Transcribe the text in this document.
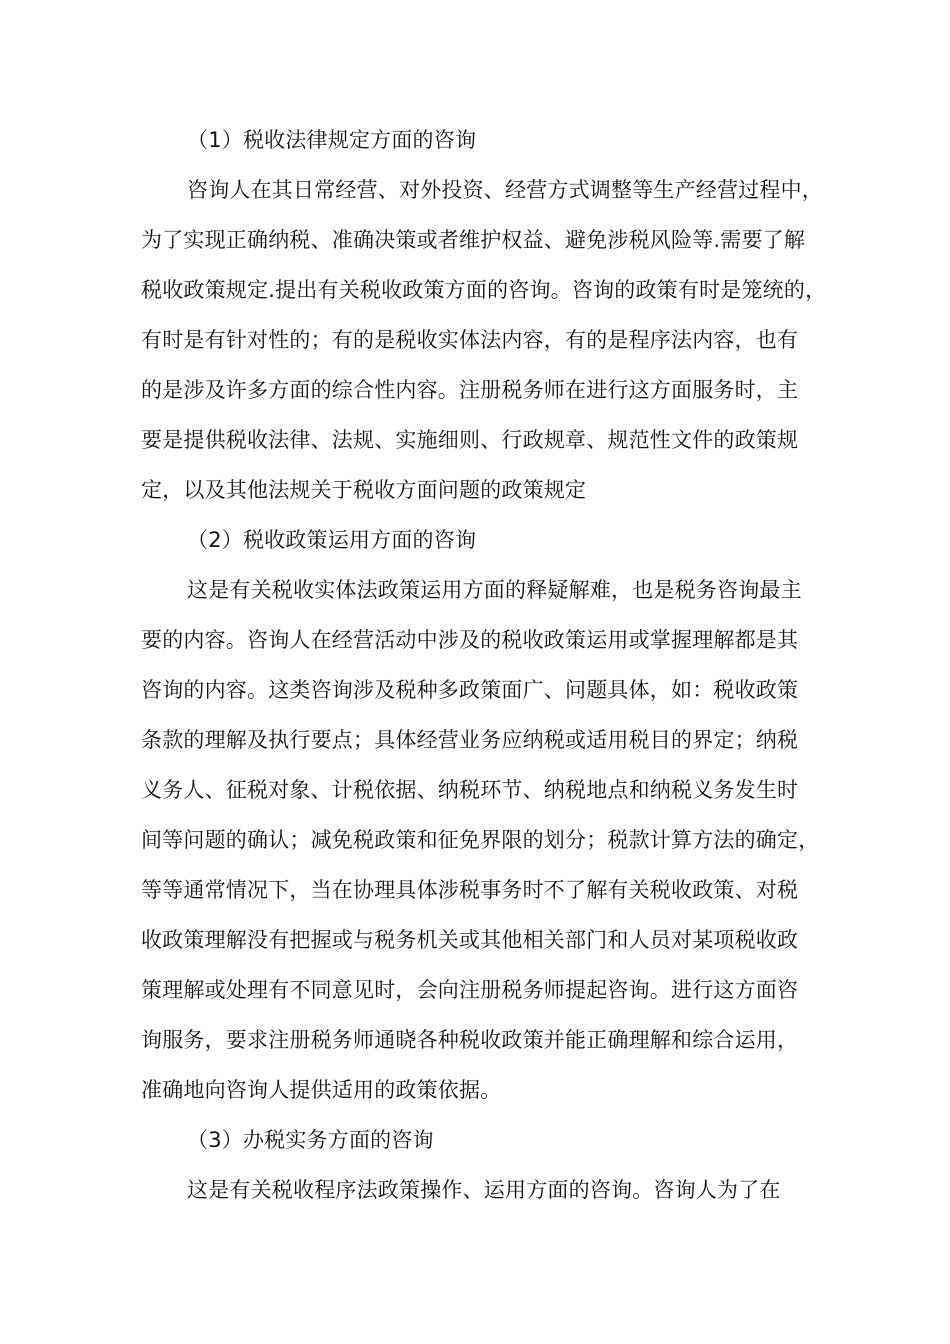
（1）税收法律规定方面的咨询
咨询人在其日常经营、对外投资、经营方式调整等生产经营过程中，
为了实现正确纳税、准确决策或者维护权益、避免涉税风险等.需要了解
税收政策规定.提出有关税收政策方面的咨询。咨询的政策有时是笼统的，
有时是有针对性的；有的是税收实体法内容，有的是程序法内容，也有
的是涉及许多方面的综合性内容。注册税务师在进行这方面服务时，主
要是提供税收法律、法规、实施细则、行政规章、规范性文件的政策规
定，以及其他法规关于税收方面问题的政策规定
（2）税收政策运用方面的咨询
这是有关税收实体法政策运用方面的释疑解难，也是税务咨询最主
要的内容。咨询人在经营活动中涉及的税收政策运用或掌握理解都是其
咨询的内容。这类咨询涉及税种多政策面广、问题具体，如：税收政策
条款的理解及执行要点；具体经营业务应纳税或适用税目的界定；纳税
义务人、征税对象、计税依据、纳税环节、纳税地点和纳税义务发生时
间等问题的确认；减免税政策和征免界限的划分；税款计算方法的确定，
等等通常情况下，当在协理具体涉税事务时不了解有关税收政策、对税
收政策理解没有把握或与税务机关或其他相关部门和人员对某项税收政
策理解或处理有不同意见时，会向注册税务师提起咨询。进行这方面咨
询服务，要求注册税务师通晓各种税收政策并能正确理解和综合运用，
准确地向咨询人提供适用的政策依据。
（3）办税实务方面的咨询
这是有关税收程序法政策操作、运用方面的咨询。咨询人为了在
